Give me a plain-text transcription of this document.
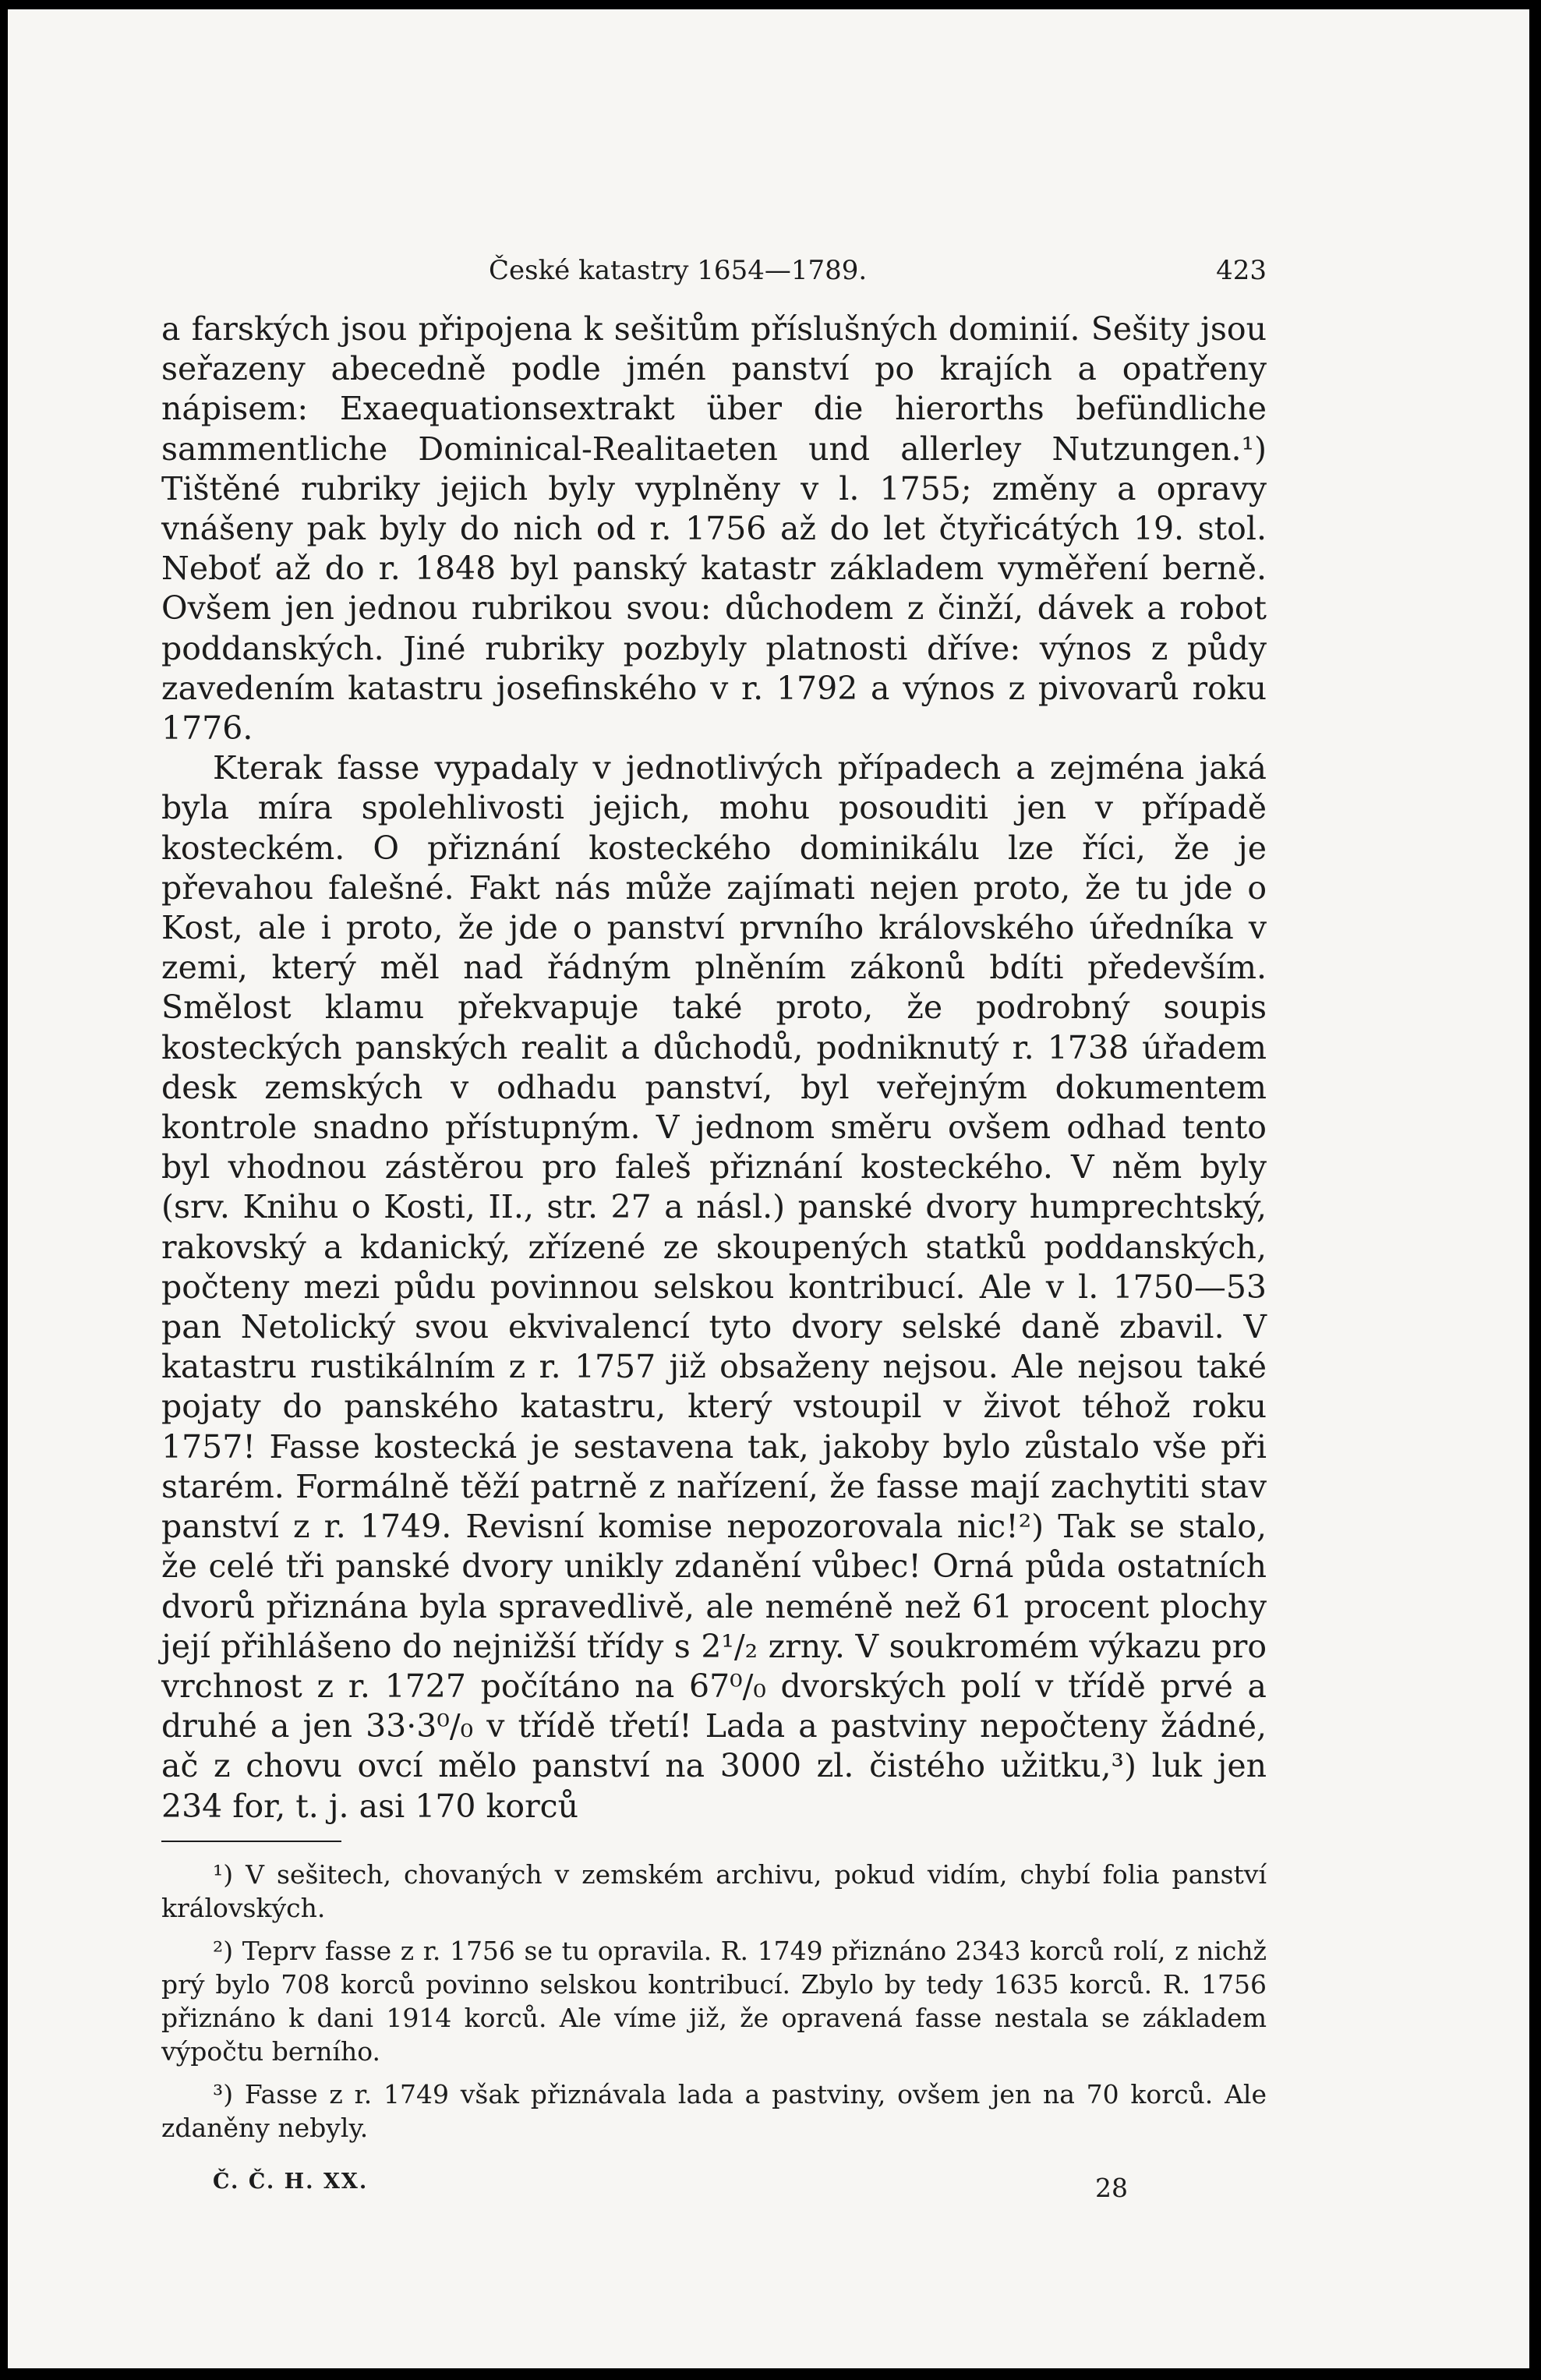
České katastry 1654—1789.	423

a farských jsou připojena k sešitům příslušných dominií. Sešity jsou seřazeny abecedně podle jmén panství po krajích a opatřeny nápisem: Exaequationsextrakt über die hierorths befündliche sammentliche Dominical-Realitaeten und allerley Nutzungen.¹) Tištěné rubriky jejich byly vyplněny v l. 1755; změny a opravy vnášeny pak byly do nich od r. 1756 až do let čtyřicátých 19. stol. Neboť až do r. 1848 byl panský katastr základem vyměření berně. Ovšem jen jednou rubrikou svou: důchodem z činží, dávek a robot poddanských. Jiné rubriky pozbyly platnosti dříve: výnos z půdy zavedením katastru josefinského v r. 1792 a výnos z pivovarů roku 1776.

Kterak fasse vypadaly v jednotlivých případech a zejména jaká byla míra spolehlivosti jejich, mohu posouditi jen v případě kosteckém. O přiznání kosteckého dominikálu lze říci, že je převahou falešné. Fakt nás může zajímati nejen proto, že tu jde o Kost, ale i proto, že jde o panství prvního královského úředníka v zemi, který měl nad řádným plněním zákonů bdíti především. Smělost klamu překvapuje také proto, že podrobný soupis kosteckých panských realit a důchodů, podniknutý r. 1738 úřadem desk zemských v odhadu panství, byl veřejným dokumentem kontrole snadno přístupným. V jednom směru ovšem odhad tento byl vhodnou zástěrou pro faleš přiznání kosteckého. V něm byly (srv. Knihu o Kosti, II., str. 27 a násl.) panské dvory humprechtský, rakovský a kdanický, zřízené ze skoupených statků poddanských, počteny mezi půdu povinnou selskou kontribucí. Ale v l. 1750—53 pan Netolický svou ekvivalencí tyto dvory selské daně zbavil. V katastru rustikálním z r. 1757 již obsaženy nejsou. Ale nejsou také pojaty do panského katastru, který vstoupil v život téhož roku 1757! Fasse kostecká je sestavena tak, jakoby bylo zůstalo vše při starém. Formálně těží patrně z nařízení, že fasse mají zachytiti stav panství z r. 1749. Revisní komise nepozorovala nic!²) Tak se stalo, že celé tři panské dvory unikly zdanění vůbec! Orná půda ostatních dvorů přiznána byla spravedlivě, ale neméně než 61 procent plochy její přihlášeno do nejnižší třídy s 2¹/₂ zrny. V soukromém výkazu pro vrchnost z r. 1727 počítáno na 67⁰/₀ dvorských polí v třídě prvé a druhé a jen 33·3⁰/₀ v třídě třetí! Lada a pastviny nepočteny žádné, ač z chovu ovcí mělo panství na 3000 zl. čistého užitku,³) luk jen 234 for, t. j. asi 170 korců

¹) V sešitech, chovaných v zemském archivu, pokud vidím, chybí folia panství královských.

²) Teprv fasse z r. 1756 se tu opravila. R. 1749 přiznáno 2343 korců rolí, z nichž prý bylo 708 korců povinno selskou kontribucí. Zbylo by tedy 1635 korců. R. 1756 přiznáno k dani 1914 korců. Ale víme již, že opravená fasse nestala se základem výpočtu berního.

³) Fasse z r. 1749 však přiznávala lada a pastviny, ovšem jen na 70 korců. Ale zdaněny nebyly.

Č. Č. H. XX.	28
